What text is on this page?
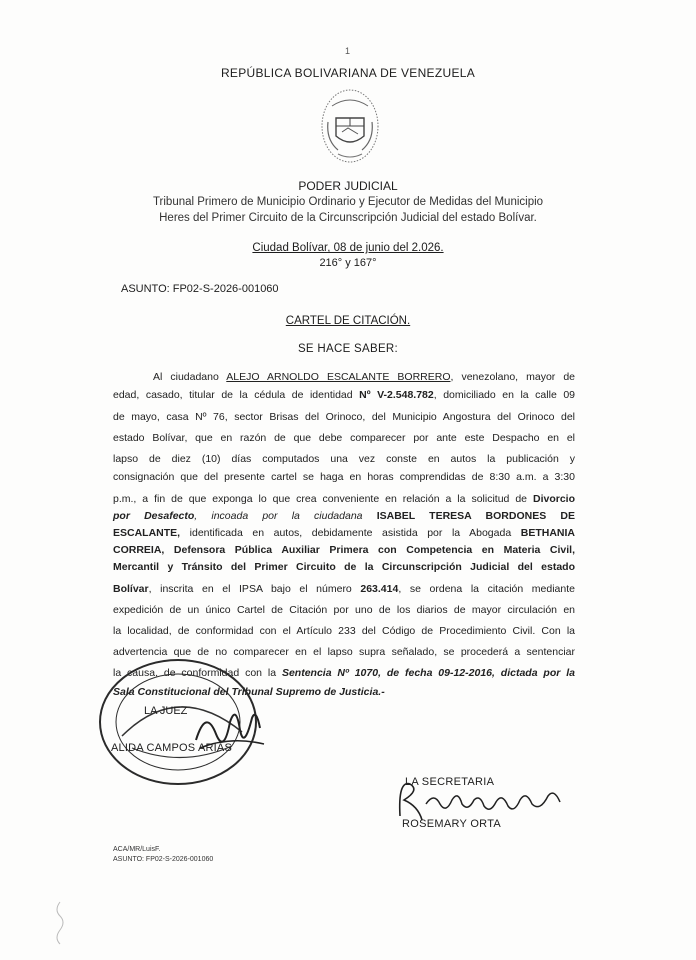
1
REPÚBLICA BOLIVARIANA DE VENEZUELA
PODER JUDICIAL
Tribunal Primero de Municipio Ordinario y Ejecutor de Medidas del Municipio
Heres del Primer Circuito de la Circunscripción Judicial del estado Bolívar.
Ciudad Bolívar, 08 de junio del 2.026.
216° y 167°
ASUNTO: FP02-S-2026-001060
CARTEL DE CITACIÓN.
SE HACE SABER:
Al ciudadano ALEJO ARNOLDO ESCALANTE BORRERO, venezolano, mayor de
edad, casado, titular de la cédula de identidad Nº V-2.548.782, domiciliado en la calle 09
de mayo, casa Nº 76, sector Brisas del Orinoco, del Municipio Angostura del Orinoco del
estado Bolívar, que en razón de que debe comparecer por ante este Despacho en el
lapso de diez (10) días computados una vez conste en autos la publicación y
consignación que del presente cartel se haga en horas comprendidas de 8:30 a.m. a 3:30
p.m., a fin de que exponga lo que crea conveniente en relación a la solicitud de Divorcio
por Desafecto, incoada por la ciudadana ISABEL TERESA BORDONES DE
ESCALANTE, identificada en autos, debidamente asistida por la Abogada BETHANIA
CORREIA, Defensora Pública Auxiliar Primera con Competencia en Materia Civil,
Mercantil y Tránsito del Primer Circuito de la Circunscripción Judicial del estado
Bolívar, inscrita en el IPSA bajo el número 263.414, se ordena la citación mediante
expedición de un único Cartel de Citación por uno de los diarios de mayor circulación en
la localidad, de conformidad con el Artículo 233 del Código de Procedimiento Civil. Con la
advertencia que de no comparecer en el lapso supra señalado, se procederá a sentenciar
la causa, de conformidad con la Sentencia Nº 1070, de fecha 09-12-2016, dictada por la
Sala Constitucional del Tribunal Supremo de Justicia.-
LA JUEZ
ALIDA CAMPOS ARIAS
LA SECRETARIA
ROSEMARY ORTA
ACA/MR/LuisF.
ASUNTO: FP02-S-2026-001060
